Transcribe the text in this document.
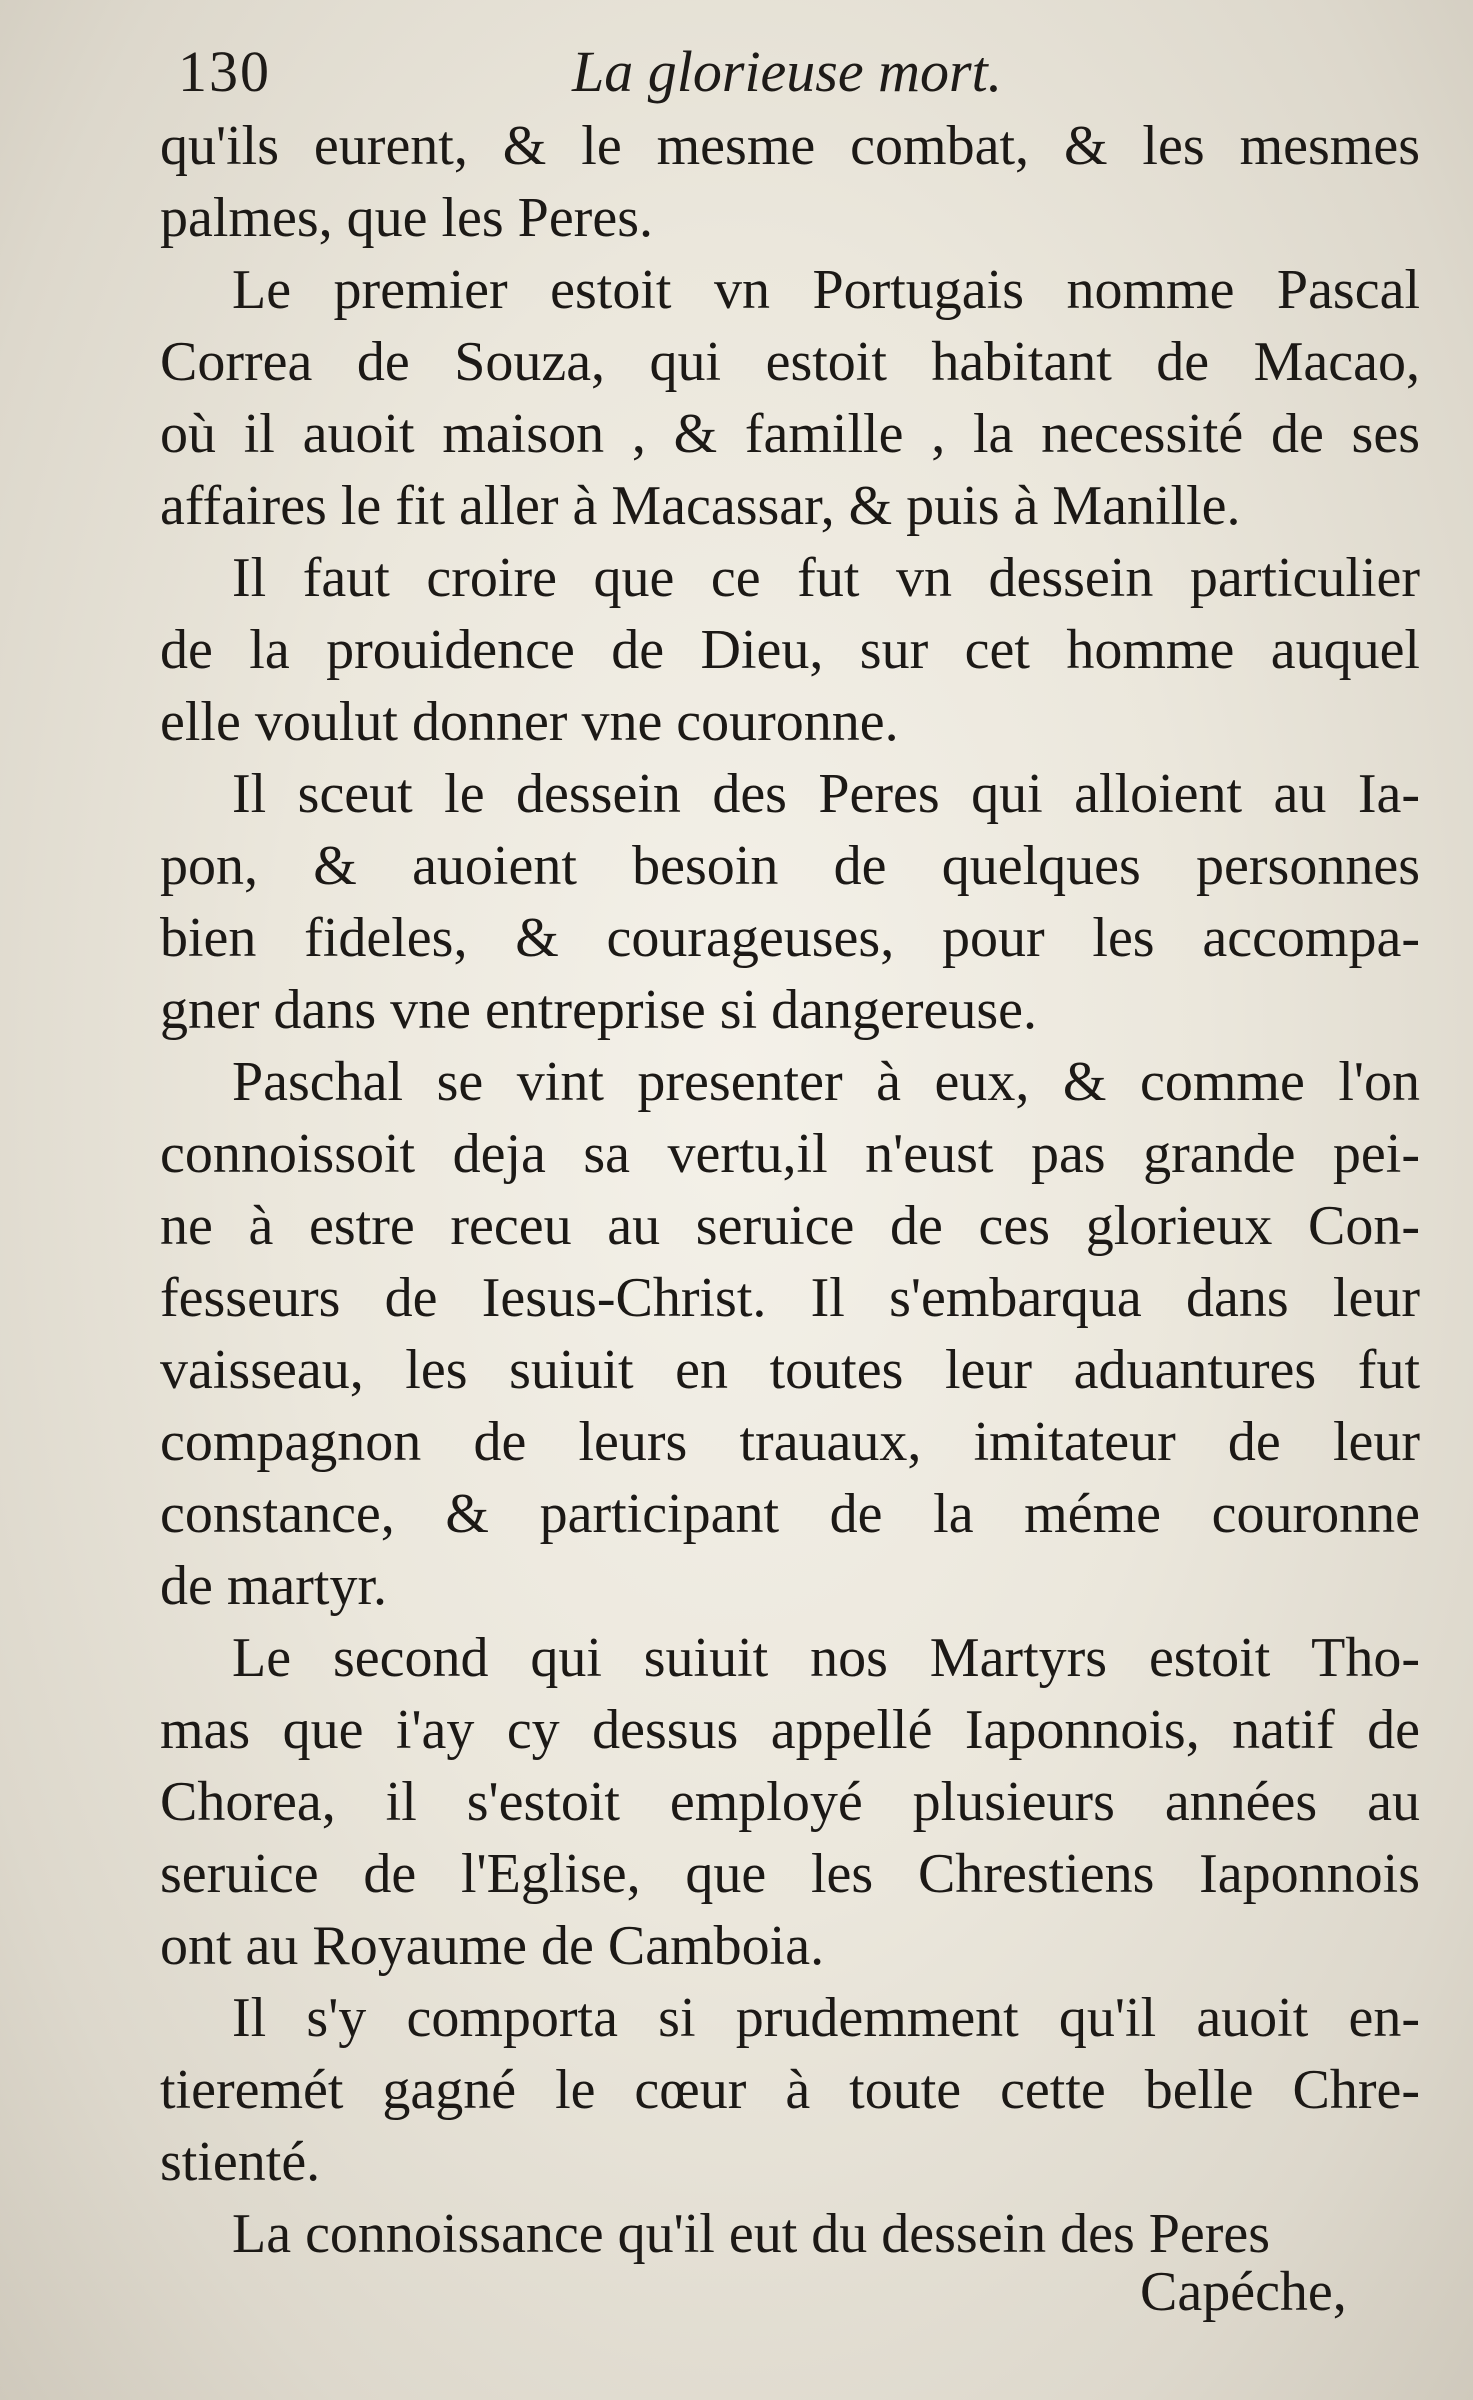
130	La glorieuse mort.
qu'ils eurent, & le mesme combat, & les mesmes
palmes, que les Peres.
Le premier estoit vn Portugais nomme Pascal
Correa de Souza, qui estoit habitant de Macao,
où il auoit maison , & famille , la necessité de ses
affaires le fit aller à Macassar, & puis à Manille.
Il faut croire que ce fut vn dessein particulier
de la prouidence de Dieu, sur cet homme auquel
elle voulut donner vne couronne.
Il sceut le dessein des Peres qui alloient au Ia-
pon, & auoient besoin de quelques personnes
bien fideles, & courageuses, pour les accompa-
gner dans vne entreprise si dangereuse.
Paschal se vint presenter à eux, & comme l'on
connoissoit deja sa vertu,il n'eust pas grande pei-
ne à estre receu au seruice de ces glorieux Con-
fesseurs de Iesus-Christ. Il s'embarqua dans leur
vaisseau, les suiuit en toutes leur aduantures fut
compagnon de leurs trauaux, imitateur de leur
constance, & participant de la méme couronne
de martyr.
Le second qui suiuit nos Martyrs estoit Tho-
mas que i'ay cy dessus appellé Iaponnois, natif de
Chorea, il s'estoit employé plusieurs années au
seruice de l'Eglise, que les Chrestiens Iaponnois
ont au Royaume de Camboia.
Il s'y comporta si prudemment qu'il auoit en-
tieremét gagné le cœur à toute cette belle Chre-
stienté.
La connoissance qu'il eut du dessein des Peres
Capéche,
